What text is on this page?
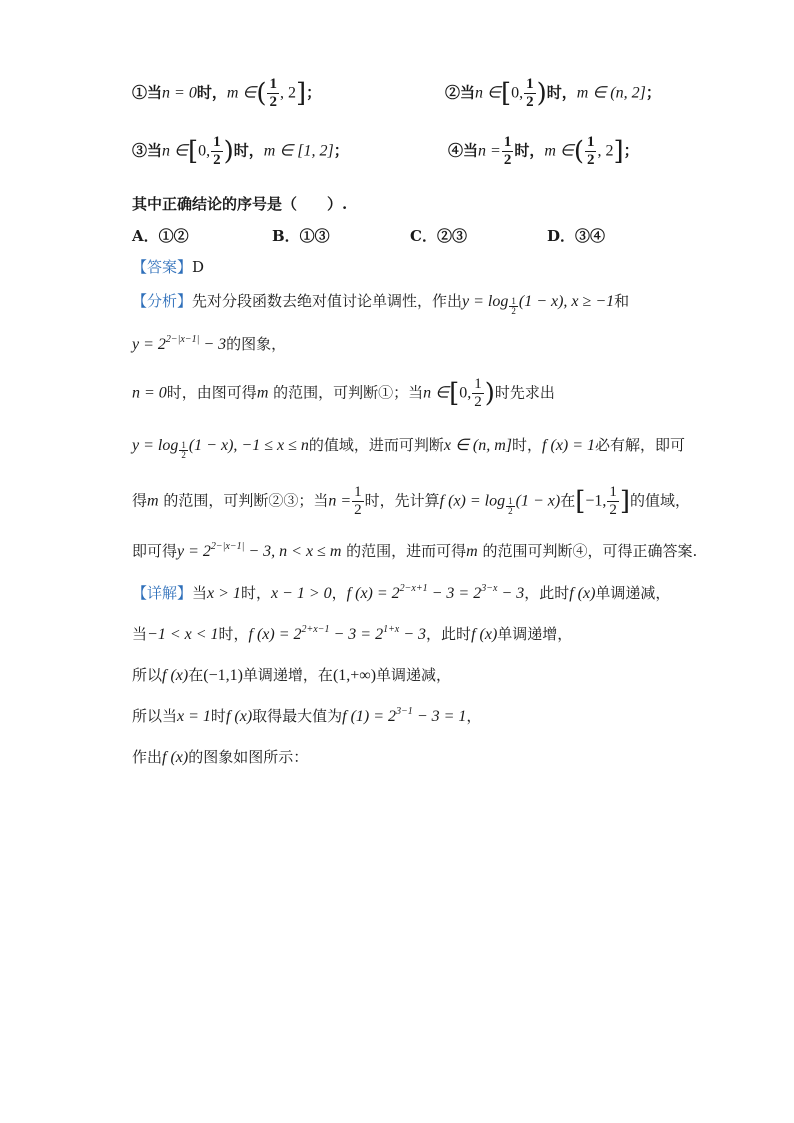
①当n = 0时，m ∈( $\frac{1}{2}$ , 2]；	②当n ∈[0, $\frac{1}{2}$ )时，m ∈ (n, 2]；
③当n ∈[0, $\frac{1}{2}$ )时，m ∈ [1, 2]；	④当$n = \frac{1}{2}$ 时，m ∈( $\frac{1}{2}$ , 2]；
其中正确结论的序号是（　　）.
A．①②	B．①③	C．②③	D．③④
【答案】D
【分析】先对分段函数去绝对值讨论单调性，作出$y = \log \frac{1}{2} (1 - x)$, x ≥ −1和
$y = 2^{2-|x-1|} - 3$的图象，
n = 0时，由图可得m 的范围，可判断①；当n ∈[0, $\frac{1}{2}$ )时先求出
$y = \log \frac{1}{2} (1 - x)$, −1 ≤ x ≤ n的值域，进而可判断x ∈ (n, m]时，f (x) = 1必有解，即可
得m 的范围，可判断②③；当$n = \frac{1}{2}$ 时，先计算f $(x) = \log \frac{1}{2} (1 - x)$在[−1, $\frac{1}{2}$ ]的值域，
即可得$y = 2^{2-|x-1|} - 3$, n < x ≤ m 的范围，进而可得m 的范围可判断④，可得正确答案.
【详解】当x > 1时，x − 1 > 0，f $(x) = 2^{2-x+1} - 3 = 2^{3-x} - 3$，此时f (x)单调递减，
当−1 < x < 1时，f $(x) = 2^{2+x-1} - 3 = 2^{1+x} - 3$，此时f (x)单调递增，
所以f (x)在(−1,1)单调递增，在(1,+∞)单调递减，
所以当x = 1时f (x)取得最大值为f $(1) = 2^{3-1} - 3 = 1$，
作出f (x)的图象如图所示：
